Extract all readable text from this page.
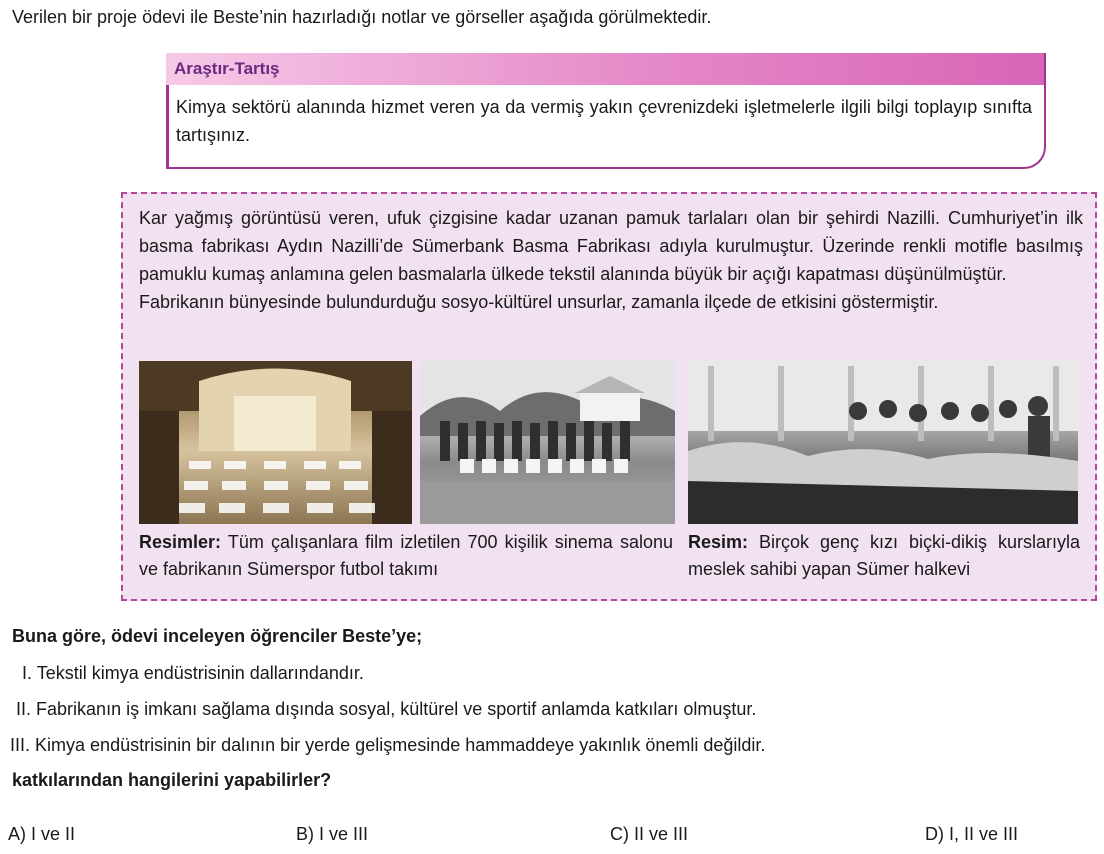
Verilen bir proje ödevi ile Beste’nin hazırladığı notlar ve görseller aşağıda görülmektedir.
Araştır-Tartış
Kimya sektörü alanında hizmet veren ya da vermiş yakın çevrenizdeki işletmelerle ilgili bilgi toplayıp sınıfta tartışınız.

Kar yağmış görüntüsü veren, ufuk çizgisine kadar uzanan pamuk tarlaları olan bir şehirdi Nazilli. Cumhuriyet’in ilk basma fabrikası Aydın Nazilli’de Sümerbank Basma Fabrikası adıyla kurulmuştur. Üzerinde renkli motifle basılmış pamuklu kumaş anlamına gelen basmalarla ülkede tekstil alanında büyük bir açığı kapatması düşünülmüştür.

Fabrikanın bünyesinde bulundurduğu sosyo-kültürel unsurlar, zamanla ilçede de etkisini göstermiştir.

Resimler: Tüm çalışanlara film izletilen 700 kişilik sinema salonu ve fabrikanın Sümerspor futbol takımı

Resim: Birçok genç kızı biçki-dikiş kurslarıyla meslek sahibi yapan Sümer halkevi

Buna göre, ödevi inceleyen öğrenciler Beste’ye;
I. Tekstil kimya endüstrisinin dallarındandır.
II. Fabrikanın iş imkanı sağlama dışında sosyal, kültürel ve sportif anlamda katkıları olmuştur.
III. Kimya endüstrisinin bir dalının bir yerde gelişmesinde hammaddeye yakınlık önemli değildir.
katkılarından hangilerini yapabilirler?
A) I ve II	B) I ve III	C) II ve III	D) I, II ve III
